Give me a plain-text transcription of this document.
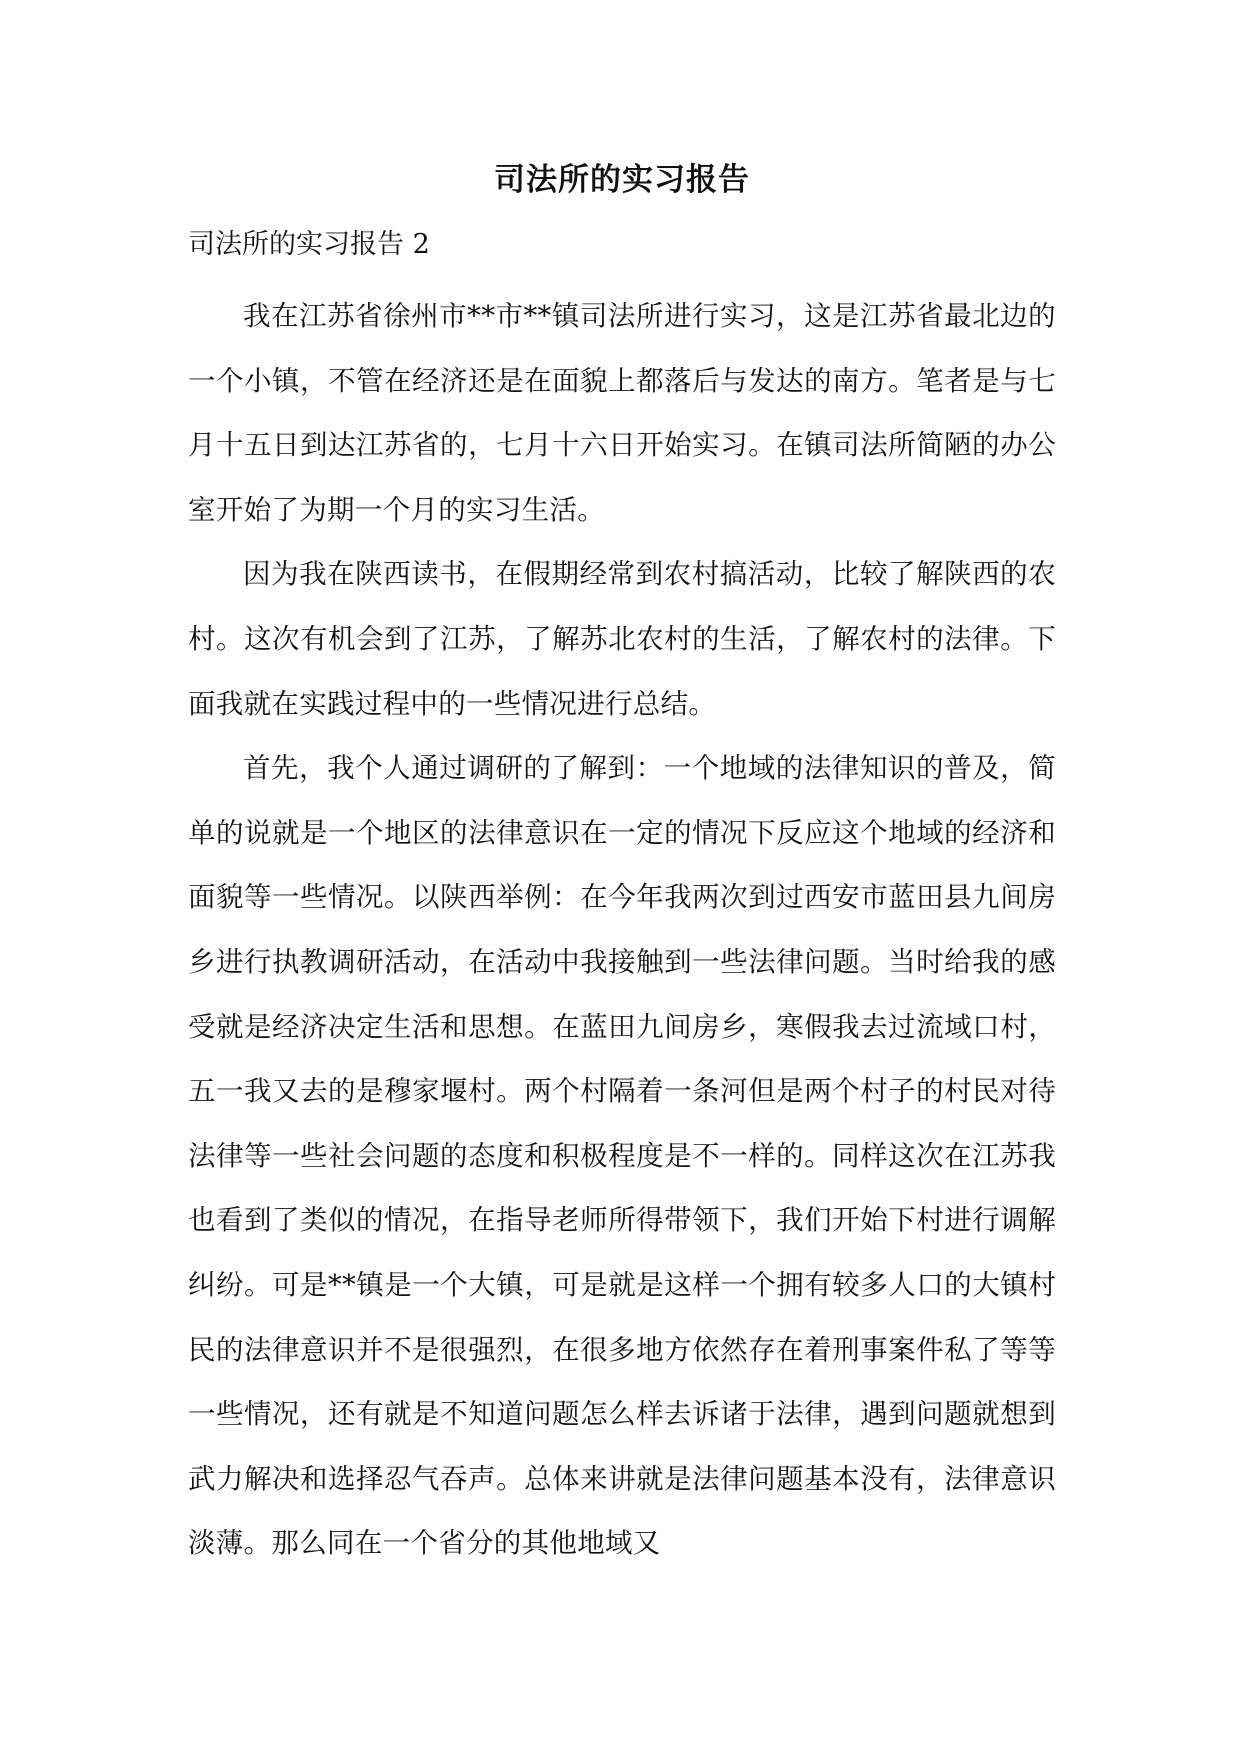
司法所的实习报告
司法所的实习报告 2

我在江苏省徐州市**市**镇司法所进行实习，这是江苏省最北边的一个小镇，不管在经济还是在面貌上都落后与发达的南方。笔者是与七月十五日到达江苏省的，七月十六日开始实习。在镇司法所简陋的办公室开始了为期一个月的实习生活。

因为我在陕西读书，在假期经常到农村搞活动，比较了解陕西的农村。这次有机会到了江苏，了解苏北农村的生活，了解农村的法律。下面我就在实践过程中的一些情况进行总结。

首先，我个人通过调研的了解到：一个地域的法律知识的普及，简单的说就是一个地区的法律意识在一定的情况下反应这个地域的经济和面貌等一些情况。以陕西举例：在今年我两次到过西安市蓝田县九间房乡进行执教调研活动，在活动中我接触到一些法律问题。当时给我的感受就是经济决定生活和思想。在蓝田九间房乡，寒假我去过流域口村，五一我又去的是穆家堰村。两个村隔着一条河但是两个村子的村民对待法律等一些社会问题的态度和积极程度是不一样的。同样这次在江苏我也看到了类似的情况，在指导老师所得带领下，我们开始下村进行调解纠纷。可是**镇是一个大镇，可是就是这样一个拥有较多人口的大镇村民的法律意识并不是很强烈，在很多地方依然存在着刑事案件私了等等一些情况，还有就是不知道问题怎么样去诉诸于法律，遇到问题就想到武力解决和选择忍气吞声。总体来讲就是法律问题基本没有，法律意识淡薄。那么同在一个省分的其他地域又
